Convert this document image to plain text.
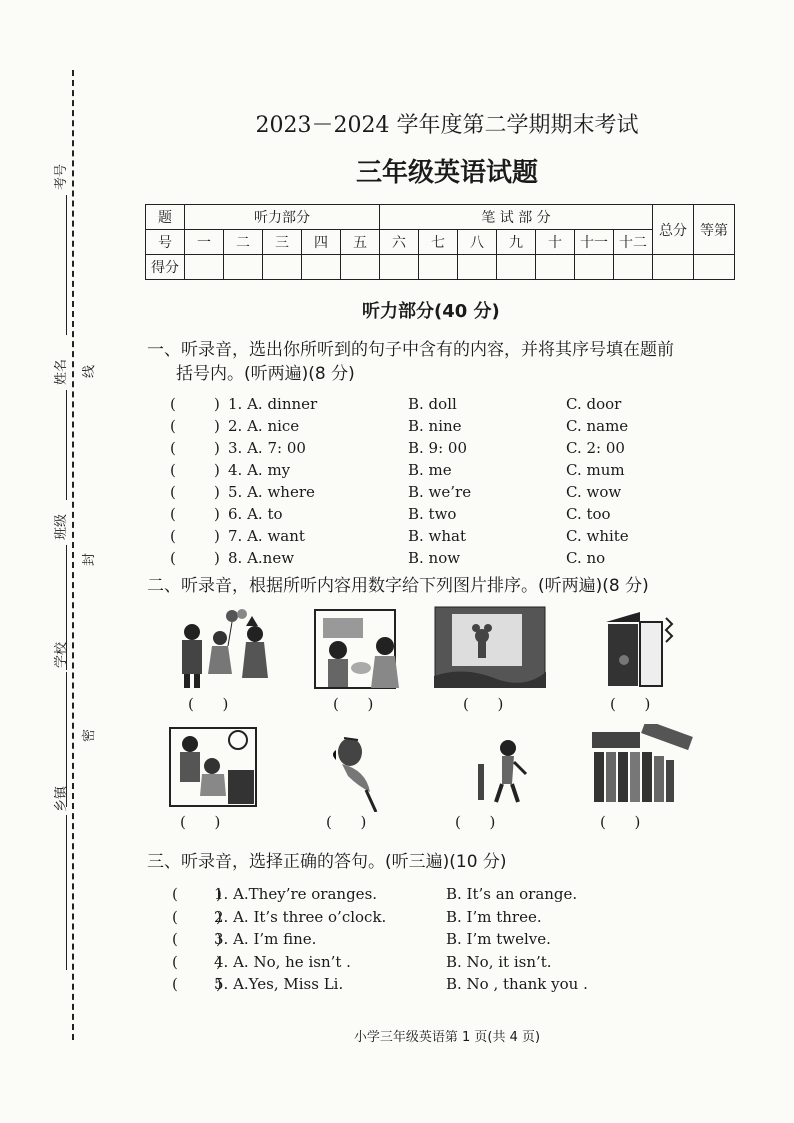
考号
姓名
班级
学校
乡镇
线
封
密
2023－2024 学年度第二学期期末考试
三年级英语试题
题	听力部分					笔 试 部 分							总分	等第
号	一	二	三	四	五	六	七	八	九	十	十一	十二		
得分														
听力部分(40 分)
一、听录音，选出你所听到的句子中含有的内容，并将其序号填在题前
括号内。(听两遍)(8 分)
(        ) 1. A. dinner	B. doll	C. door
(        ) 2. A. nice	B. nine	C. name
(        ) 3. A. 7: 00	B. 9: 00	C. 2: 00
(        ) 4. A. my	B. me	C. mum
(        ) 5. A. where	B. we’re	C. wow
(        ) 6. A. to	B. two	C. too
(        ) 7. A. want	B. what	C. white
(        ) 8. A.new	B. now	C. no
二、听录音，根据所听内容用数字给下列图片排序。(听两遍)(8 分)
(      )	(      )	(      )	(      )
(      )	(      )	(      )	(      )
三、听录音，选择正确的答句。(听三遍)(10 分)
(        )
1. A.They’re oranges.	B. It’s an orange.
(        )
2. A. It’s three o’clock.	B. I’m three.
(        )
3. A. I’m fine.	B. I’m twelve.
(        )
4. A. No, he isn’t .	B. No, it isn’t.
(        )
5. A.Yes, Miss Li.	B. No , thank you .
小学三年级英语第 1 页(共 4 页)
